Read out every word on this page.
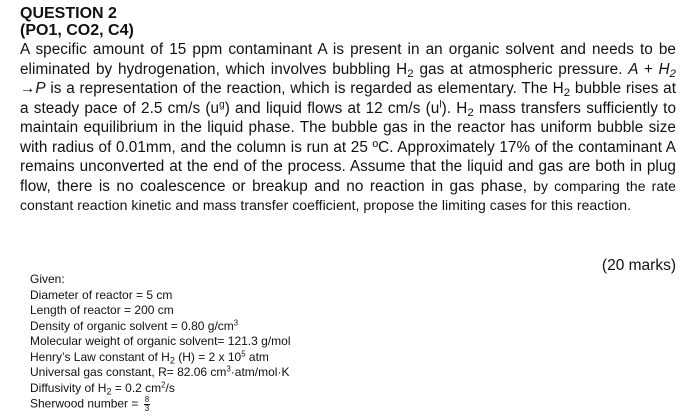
QUESTION 2
(PO1, CO2, C4)
A specific amount of 15 ppm contaminant A is present in an organic solvent and needs to be eliminated by hydrogenation, which involves bubbling $H_2$ gas at atmospheric pressure. $A + H_2 \to P$ is a representation of the reaction, which is regarded as elementary. The $H_2$ bubble rises at a steady pace of 2.5 cm/s $(u^g)$ and liquid flows at 12 cm/s $(u^l)$. $H_2$ mass transfers sufficiently to maintain equilibrium in the liquid phase. The bubble gas in the reactor has uniform bubble size with radius of 0.01mm, and the column is run at 25 ºC. Approximately 17% of the contaminant A remains unconverted at the end of the process. Assume that the liquid and gas are both in plug flow, there is no coalescence or breakup and no reaction in gas phase, by comparing the rate constant reaction kinetic and mass transfer coefficient, propose the limiting cases for this reaction.
(20 marks)
Given:
Diameter of reactor = 5 cm
Length of reactor = 200 cm
Density of organic solvent = 0.80 $g/cm^3$
Molecular weight of organic solvent= 121.3 g/mol
Henry’s Law constant of $H_2$ (H) = 2 x $10^5$ atm
Universal gas constant, R= 82.06 $cm^3\cdot atm/mol\cdot K$
Diffusivity of $H_2 = 0.2$ $cm^2/s$
Sherwood number = $\frac{8}{3}$
